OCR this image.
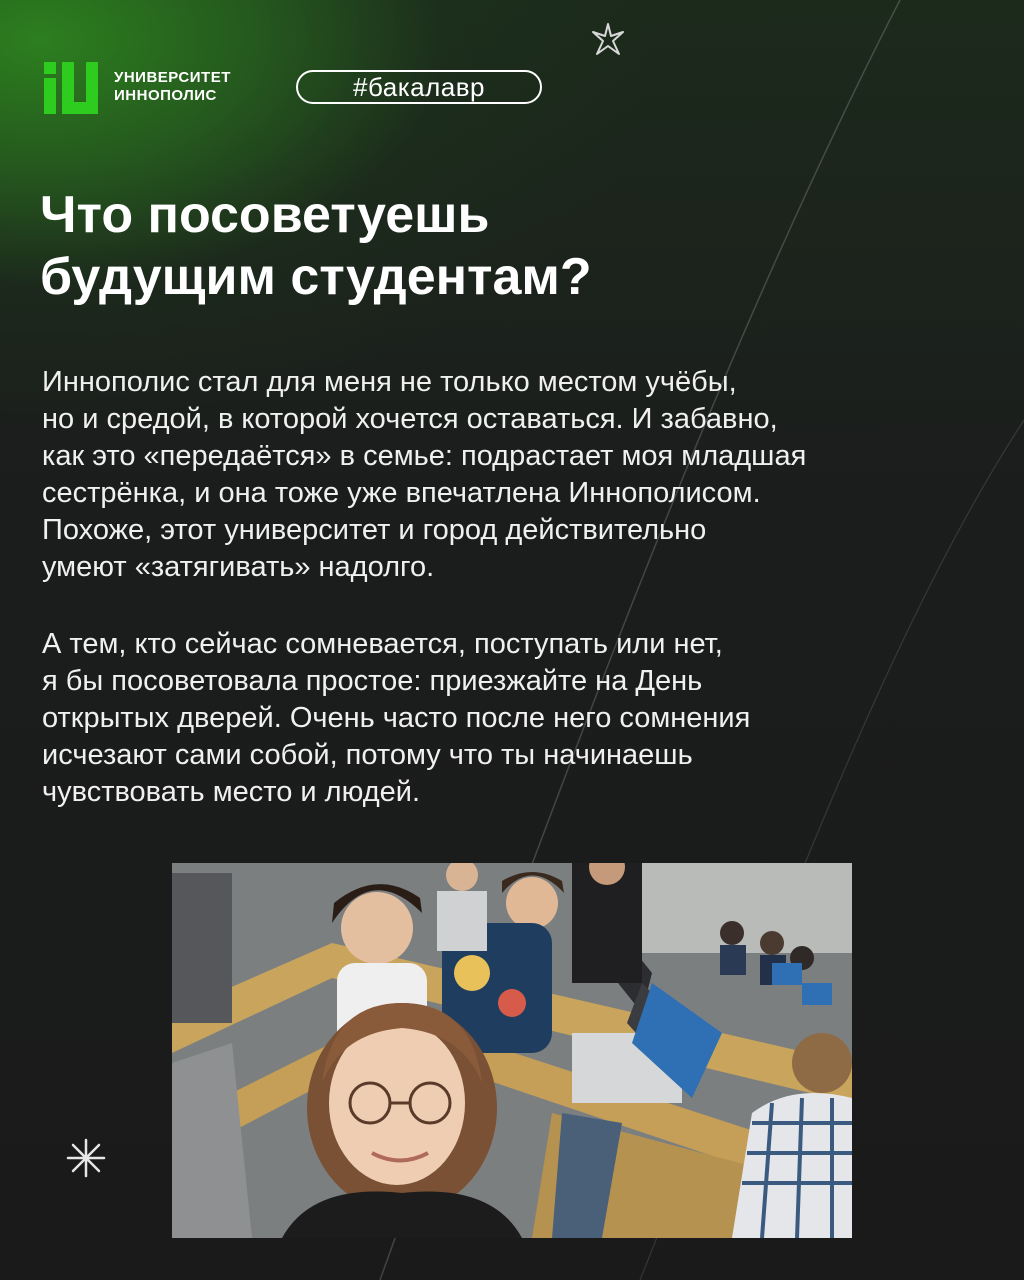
УНИВЕРСИТЕТ
ИННОПОЛИС	#бакалавр
Что посоветуешь
будущим студентам?
Иннополис стал для меня не только местом учёбы,
но и средой, в которой хочется оставаться. И забавно,
как это «передаётся» в семье: подрастает моя младшая
сестрёнка, и она тоже уже впечатлена Иннополисом.
Похоже, этот университет и город действительно
умеют «затягивать» надолго.
А тем, кто сейчас сомневается, поступать или нет,
я бы посоветовала простое: приезжайте на День
открытых дверей. Очень часто после него сомнения
исчезают сами собой, потому что ты начинаешь
чувствовать место и людей.
